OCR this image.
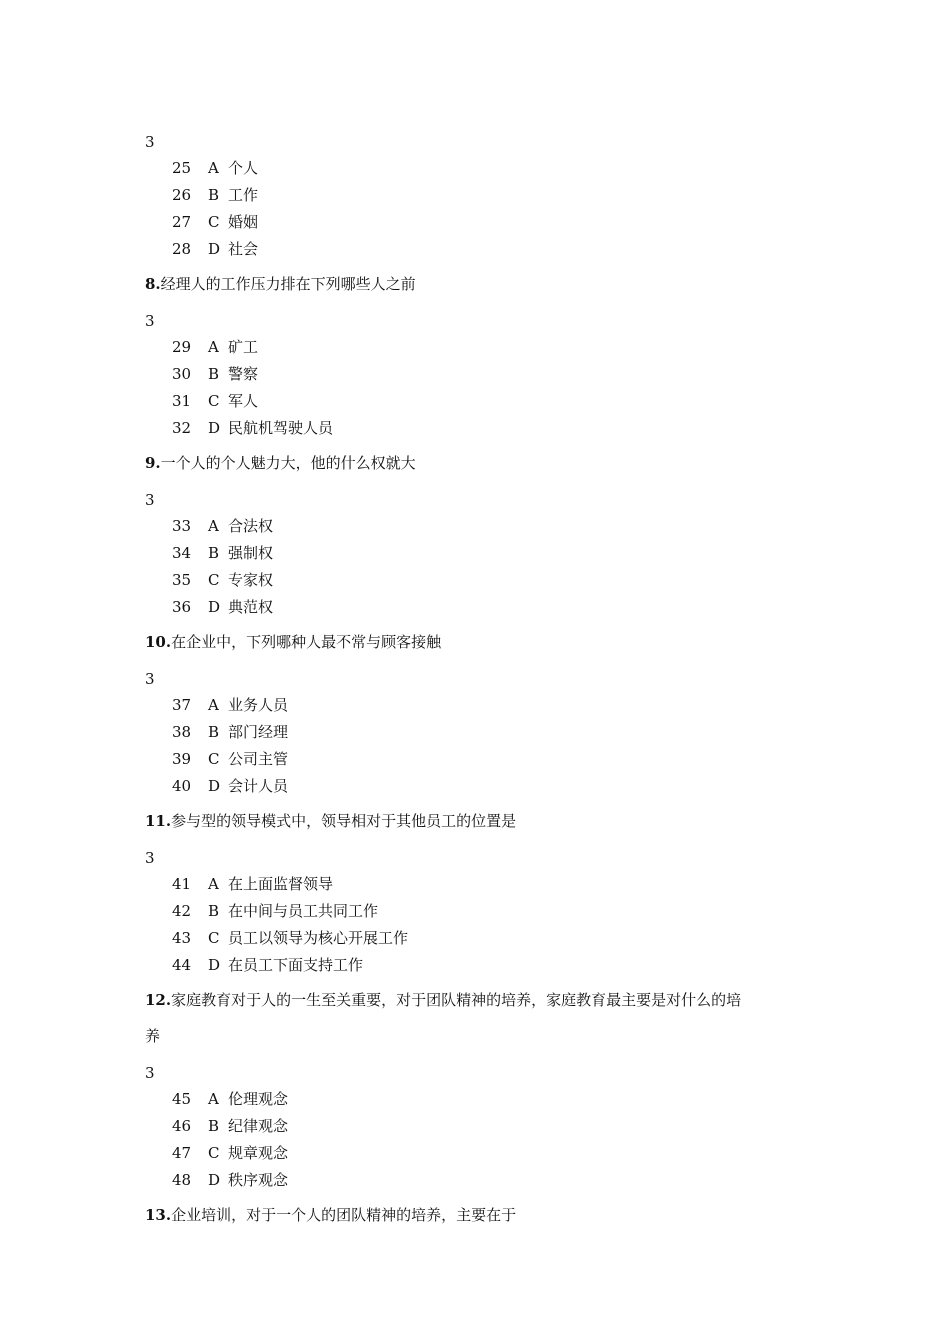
3
25 A 个人
26 B 工作
27 C 婚姻
28 D 社会
8.经理人的工作压力排在下列哪些人之前
3
29 A 矿工
30 B 警察
31 C 军人
32 D 民航机驾驶人员
9.一个人的个人魅力大，他的什么权就大
3
33 A 合法权
34 B 强制权
35 C 专家权
36 D 典范权
10.在企业中，下列哪种人最不常与顾客接触
3
37 A 业务人员
38 B 部门经理
39 C 公司主管
40 D 会计人员
11.参与型的领导模式中，领导相对于其他员工的位置是
3
41 A 在上面监督领导
42 B 在中间与员工共同工作
43 C 员工以领导为核心开展工作
44 D 在员工下面支持工作
12.家庭教育对于人的一生至关重要，对于团队精神的培养，家庭教育最主要是对什么的培
养
3
45 A 伦理观念
46 B 纪律观念
47 C 规章观念
48 D 秩序观念
13.企业培训，对于一个人的团队精神的培养，主要在于
